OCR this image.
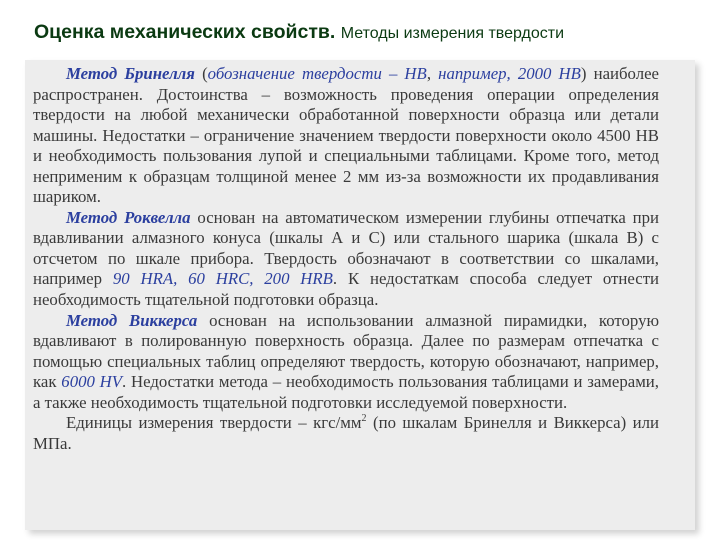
Оценка механических свойств. Методы измерения твердости

Метод Бринелля (обозначение твердости – НВ, например, 2000 НВ) наиболее распространен. Достоинства – возможность проведения операции определения твердости на любой механически обработанной поверхности образца или детали машины. Недостатки – ограничение значением твердости поверхности около 4500 НВ и необходимость пользования лупой и специальными таблицами. Кроме того, метод неприменим к образцам толщиной менее 2 мм из-за возможности их продавливания шариком.

Метод Роквелла основан на автоматическом измерении глубины отпечатка при вдавливании алмазного конуса (шкалы А и С) или стального шарика (шкала В) с отсчетом по шкале прибора. Твердость обозначают в соответствии со шкалами, например 90 HRA, 60 HRC, 200 HRB. К недостаткам способа следует отнести необходимость тщательной подготовки образца.

Метод Виккерса основан на использовании алмазной пирамидки, которую вдавливают в полированную поверхность образца. Далее по размерам отпечатка с помощью специальных таблиц определяют твердость, которую обозначают, например, как 6000 HV. Недостатки метода – необходимость пользования таблицами и замерами, а также необходимость тщательной подготовки исследуемой поверхности.

Единицы измерения твердости – кгс/$мм^2$ (по шкалам Бринелля и Виккерса) или МПа.
